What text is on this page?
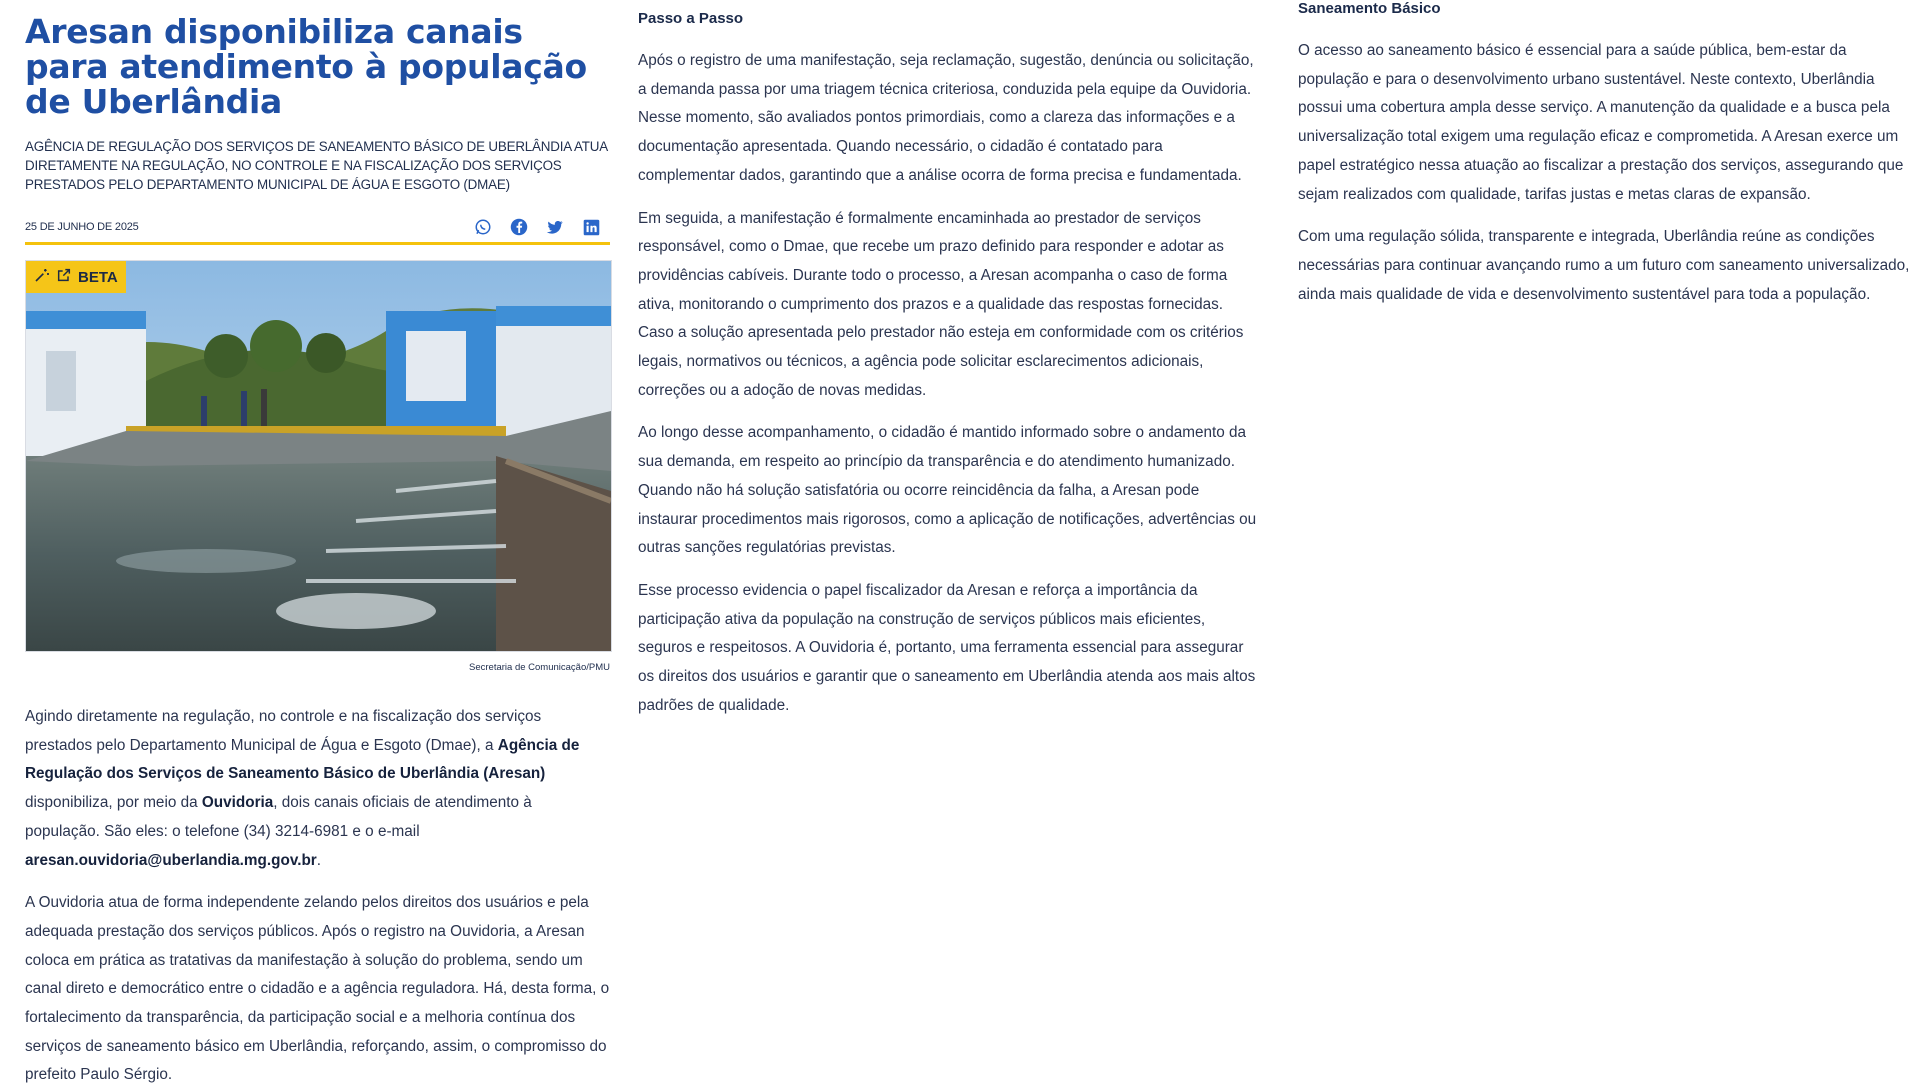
Aresan disponibiliza canais para atendimento à população de Uberlândia

AGÊNCIA DE REGULAÇÃO DOS SERVIÇOS DE SANEAMENTO BÁSICO DE UBERLÂNDIA ATUA DIRETAMENTE NA REGULAÇÃO, NO CONTROLE E NA FISCALIZAÇÃO DOS SERVIÇOS PRESTADOS PELO DEPARTAMENTO MUNICIPAL DE ÁGUA E ESGOTO (DMAE)

25 DE JUNHO DE 2025
BETA
Secretaria de Comunicação/PMU

Agindo diretamente na regulação, no controle e na fiscalização dos serviços prestados pelo Departamento Municipal de Água e Esgoto (Dmae), a Agência de Regulação dos Serviços de Saneamento Básico de Uberlândia (Aresan) disponibiliza, por meio da Ouvidoria, dois canais oficiais de atendimento à população. São eles: o telefone (34) 3214-6981 e o e-mail aresan.ouvidoria@uberlandia.mg.gov.br.

A Ouvidoria atua de forma independente zelando pelos direitos dos usuários e pela adequada prestação dos serviços públicos. Após o registro na Ouvidoria, a Aresan coloca em prática as tratativas da manifestação à solução do problema, sendo um canal direto e democrático entre o cidadão e a agência reguladora. Há, desta forma, o fortalecimento da transparência, da participação social e a melhoria contínua dos serviços de saneamento básico em Uberlândia, reforçando, assim, o compromisso do prefeito Paulo Sérgio.

Passo a Passo

Após o registro de uma manifestação, seja reclamação, sugestão, denúncia ou solicitação, a demanda passa por uma triagem técnica criteriosa, conduzida pela equipe da Ouvidoria. Nesse momento, são avaliados pontos primordiais, como a clareza das informações e a documentação apresentada. Quando necessário, o cidadão é contatado para complementar dados, garantindo que a análise ocorra de forma precisa e fundamentada.

Em seguida, a manifestação é formalmente encaminhada ao prestador de serviços responsável, como o Dmae, que recebe um prazo definido para responder e adotar as providências cabíveis. Durante todo o processo, a Aresan acompanha o caso de forma ativa, monitorando o cumprimento dos prazos e a qualidade das respostas fornecidas. Caso a solução apresentada pelo prestador não esteja em conformidade com os critérios legais, normativos ou técnicos, a agência pode solicitar esclarecimentos adicionais, correções ou a adoção de novas medidas.

Ao longo desse acompanhamento, o cidadão é mantido informado sobre o andamento da sua demanda, em respeito ao princípio da transparência e do atendimento humanizado. Quando não há solução satisfatória ou ocorre reincidência da falha, a Aresan pode instaurar procedimentos mais rigorosos, como a aplicação de notificações, advertências ou outras sanções regulatórias previstas.

Esse processo evidencia o papel fiscalizador da Aresan e reforça a importância da participação ativa da população na construção de serviços públicos mais eficientes, seguros e respeitosos. A Ouvidoria é, portanto, uma ferramenta essencial para assegurar os direitos dos usuários e garantir que o saneamento em Uberlândia atenda aos mais altos padrões de qualidade.

Saneamento Básico

O acesso ao saneamento básico é essencial para a saúde pública, bem-estar da população e para o desenvolvimento urbano sustentável. Neste contexto, Uberlândia possui uma cobertura ampla desse serviço. A manutenção da qualidade e a busca pela universalização total exigem uma regulação eficaz e comprometida. A Aresan exerce um papel estratégico nessa atuação ao fiscalizar a prestação dos serviços, assegurando que sejam realizados com qualidade, tarifas justas e metas claras de expansão.

Com uma regulação sólida, transparente e integrada, Uberlândia reúne as condições necessárias para continuar avançando rumo a um futuro com saneamento universalizado, ainda mais qualidade de vida e desenvolvimento sustentável para toda a população.
